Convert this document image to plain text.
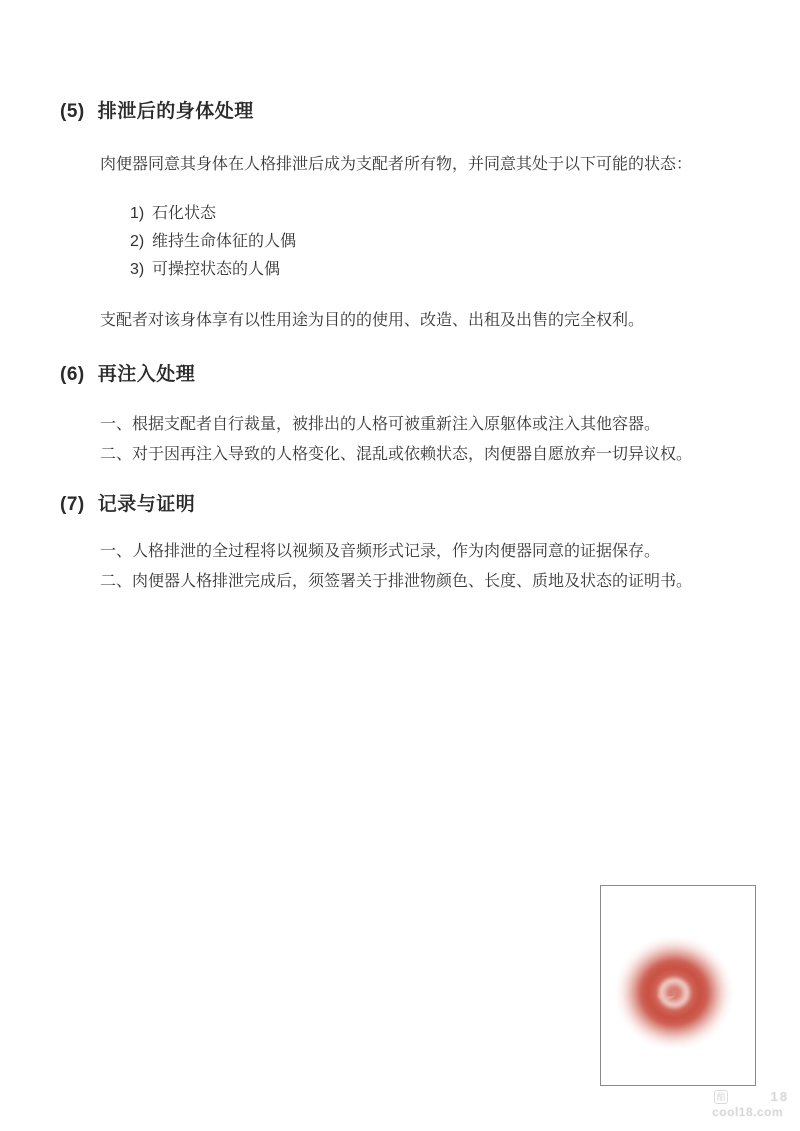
(5) 排泄后的身体处理
肉便器同意其身体在人格排泄后成为支配者所有物，并同意其处于以下可能的状态：
1) 石化状态
2) 维持生命体征的人偶
3) 可操控状态的人偶
支配者对该身体享有以性用途为目的的使用、改造、出租及出售的完全权利。
(6) 再注入处理
一、根据支配者自行裁量，被排出的人格可被重新注入原躯体或注入其他容器。
二、对于因再注入导致的人格变化、混乱或依赖状态，肉便器自愿放弃一切异议权。
(7) 记录与证明
一、人格排泄的全过程将以视频及音频形式记录，作为肉便器同意的证据保存。
二、肉便器人格排泄完成后，须签署关于排泄物颜色、长度、质地及状态的证明书。
酷	18
cool18.com
